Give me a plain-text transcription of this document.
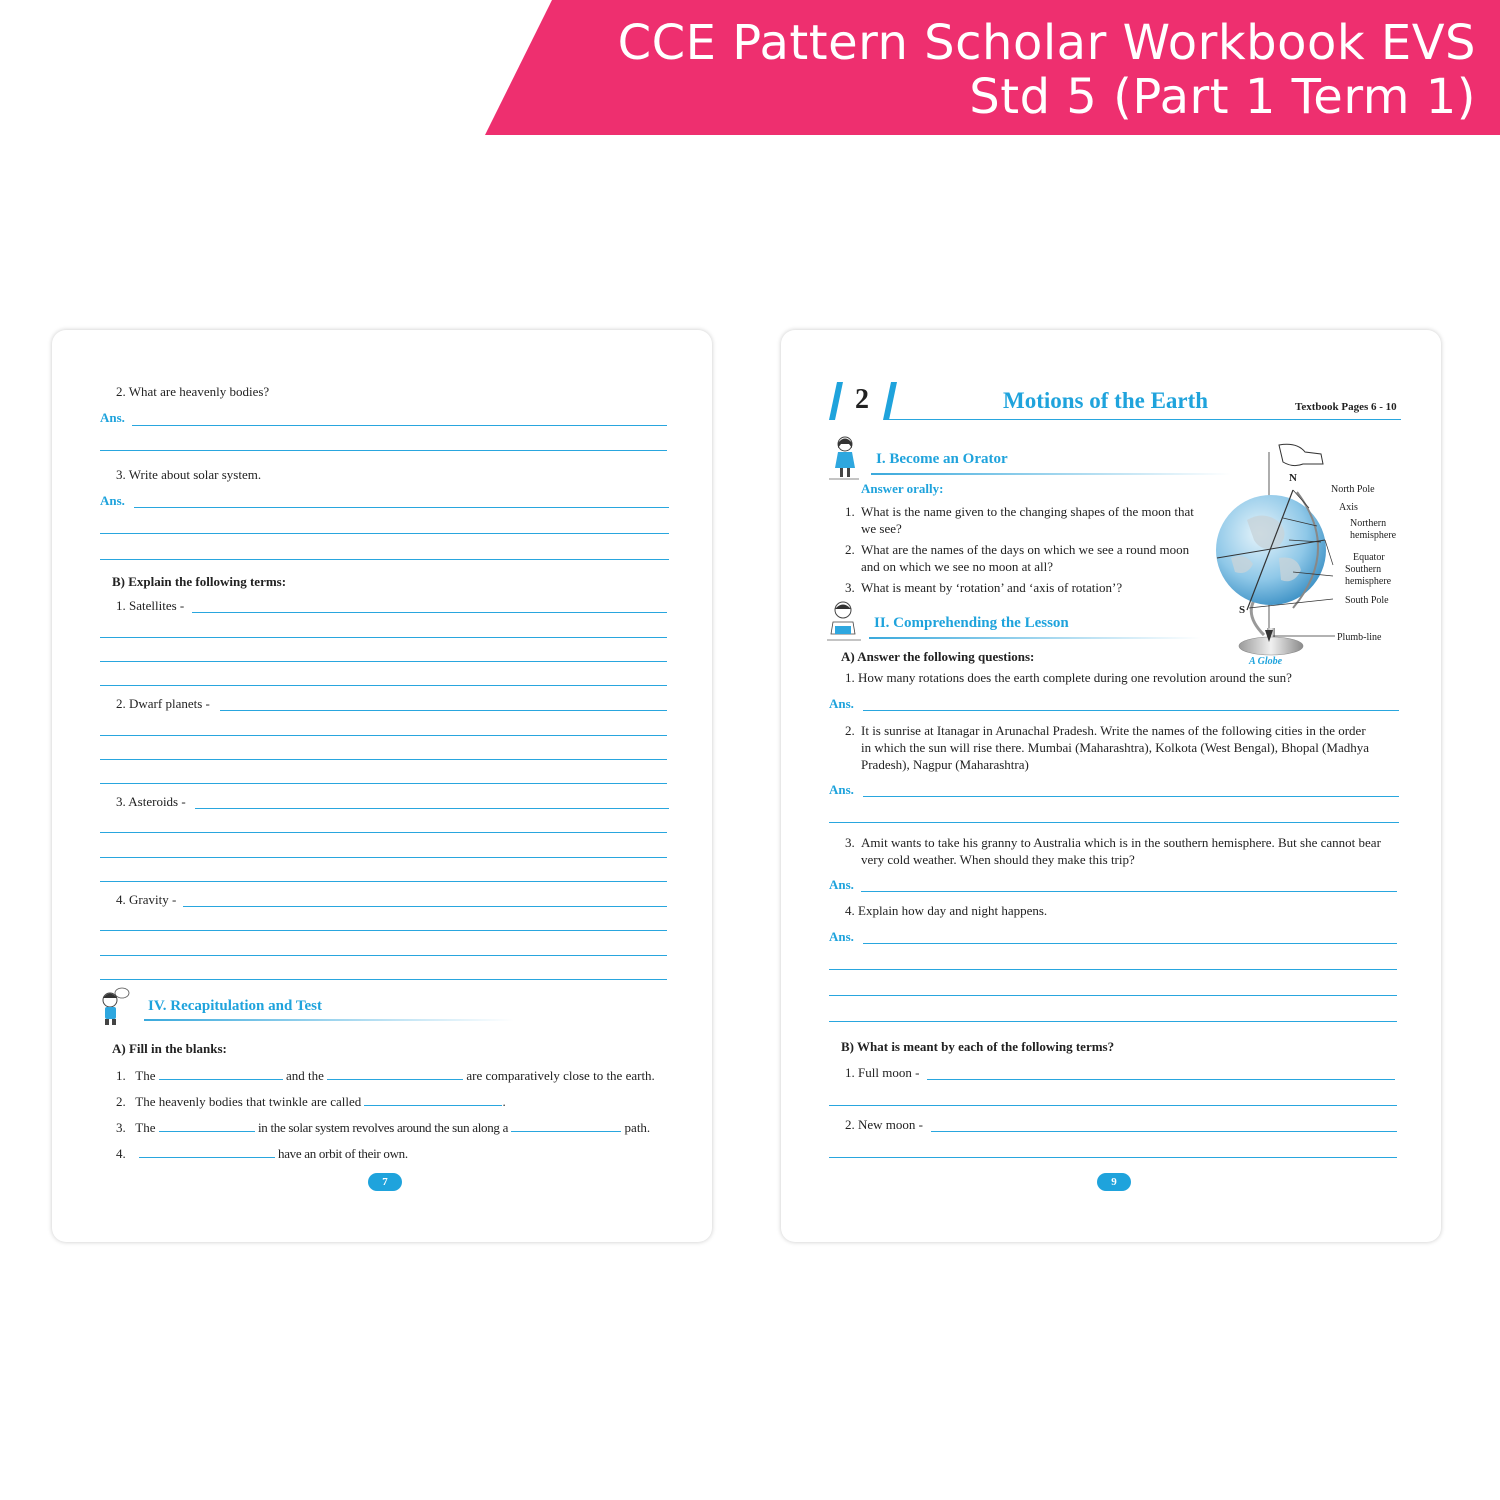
CCE Pattern Scholar Workbook EVS
Std 5 (Part 1 Term 1)
2. What are heavenly bodies?
Ans.
3. Write about solar system.
Ans.
B) Explain the following terms:
1. Satellites -
2. Dwarf planets -
3. Asteroids -
4. Gravity -
IV. Recapitulation and Test
A) Fill in the blanks:
1. The	and the	are comparatively close to the earth.
2. The heavenly bodies that twinkle are called	.
3. The	in the solar system revolves around the sun along a	path.
4.	have an orbit of their own.
7
2	Motions of the Earth	Textbook Pages 6 - 10
I. Become an Orator
Answer orally:
1. What is the name given to the changing shapes of the moon that
we see?
2. What are the names of the days on which we see a round moon
and on which we see no moon at all?
3. What is meant by ‘rotation’ and ‘axis of rotation’?
N
S
North Pole
Axis
Northern
hemisphere
Equator
Southern
hemisphere
South Pole
Plumb-line
A Globe
II. Comprehending the Lesson
A) Answer the following questions:
1. How many rotations does the earth complete during one revolution around the sun?
Ans.
2. It is sunrise at Itanagar in Arunachal Pradesh. Write the names of the following cities in the order
in which the sun will rise there. Mumbai (Maharashtra), Kolkota (West Bengal), Bhopal (Madhya
Pradesh), Nagpur (Maharashtra)
Ans.
3. Amit wants to take his granny to Australia which is in the southern hemisphere. But she cannot bear
very cold weather. When should they make this trip?
Ans.
4. Explain how day and night happens.
Ans.
B) What is meant by each of the following terms?
1. Full moon -
2. New moon -
9
